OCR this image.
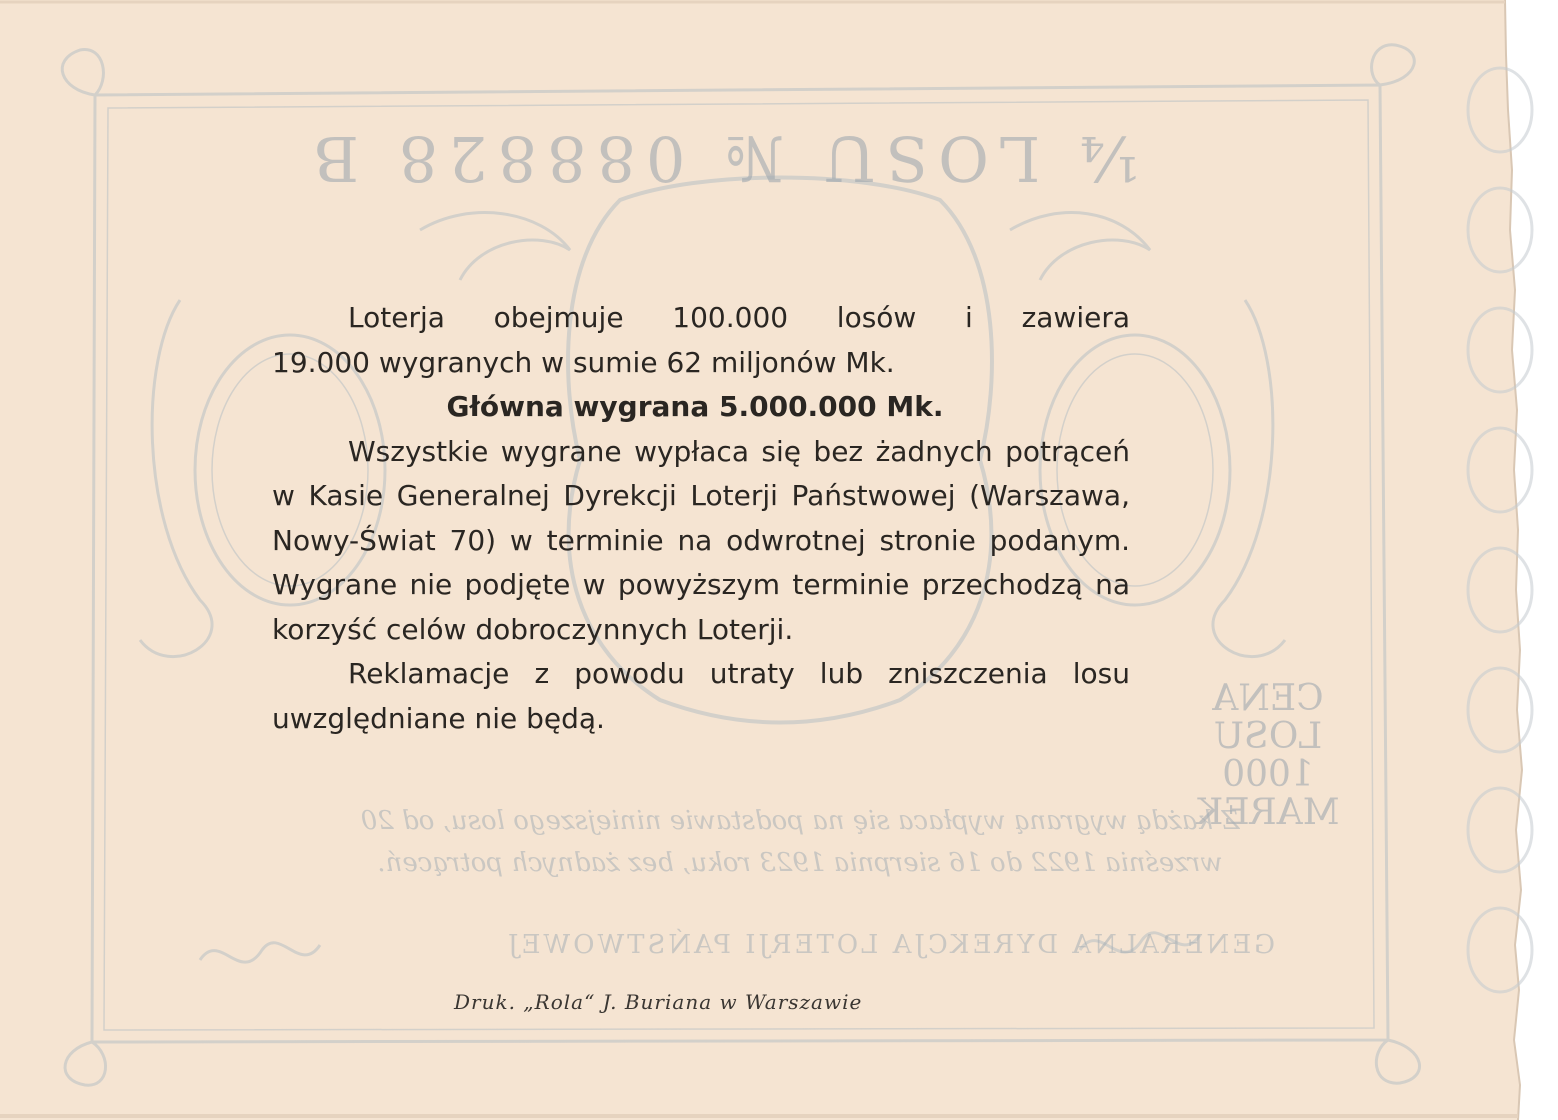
¼ LOSU № 088828 B
CENA LOSU
1000 MAREK
Z każdą wygraną wypłaca się na podstawie niniejszego losu, od 20 września 1922 do 16 sierpnia 1923 roku, bez żadnych potrąceń.
GENERALNA DYREKCJA LOTERJI PAŃSTWOWEJ

Loterja obejmuje 100.000 losów i zawiera

19.000 wygranych w sumie 62 miljonów Mk.

Główna wygrana 5.000.000 Mk.

Wszystkie wygrane wypłaca się bez żadnych potrąceń w Kasie Generalnej Dyrekcji Loterji Państwowej (Warszawa, Nowy-Świat 70) w terminie na odwrotnej stronie podanym. Wygrane nie podjęte w powyższym terminie przechodzą na korzyść celów dobroczynnych Loterji.

Reklamacje z powodu utraty lub zniszczenia losu uwzględniane nie będą.

Druk. „Rola“ J. Buriana w Warszawie
